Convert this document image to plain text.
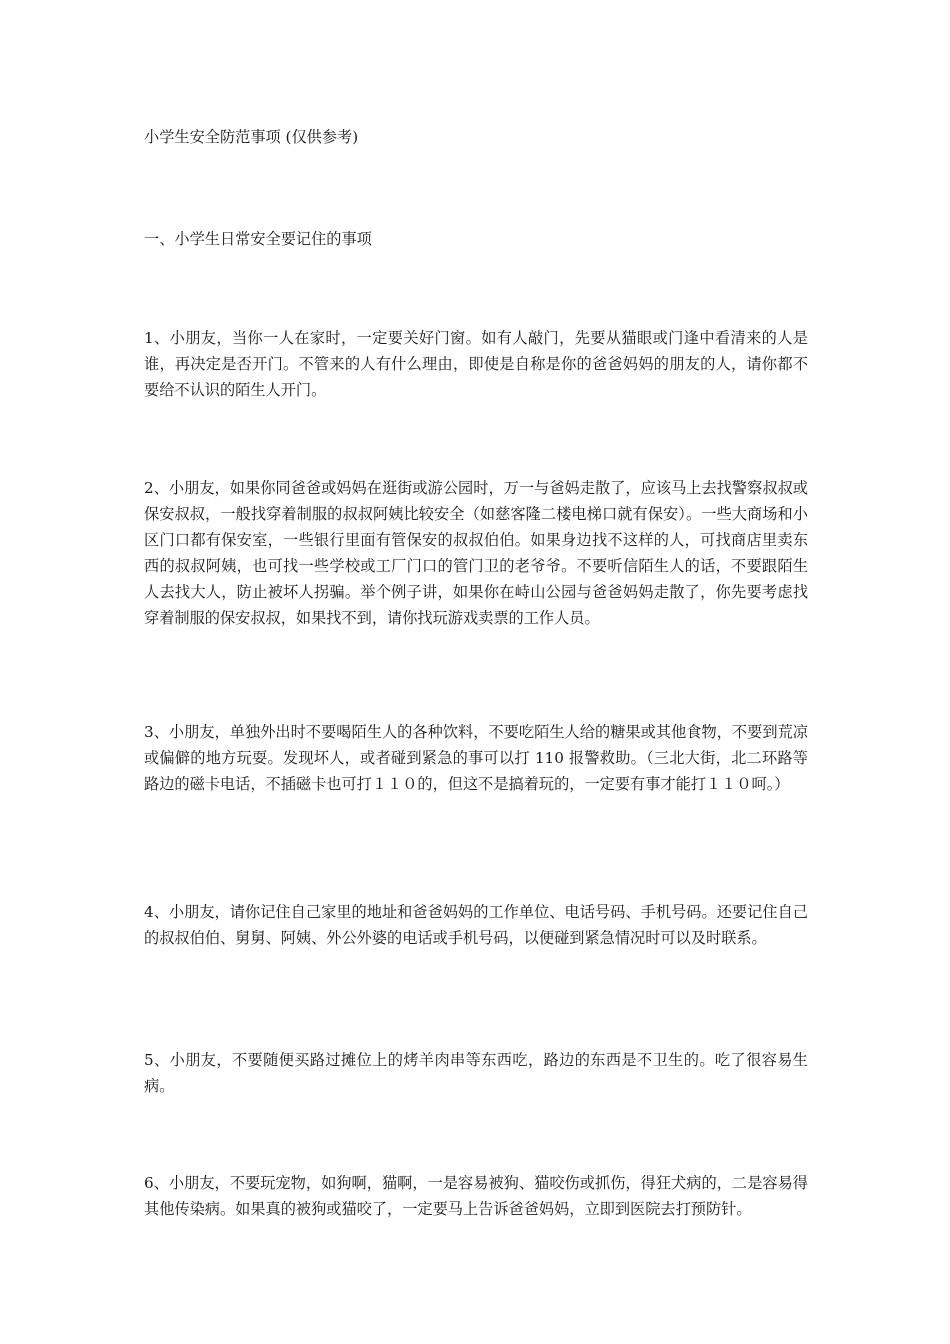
小学生安全防范事项 (仅供参考)

一、小学生日常安全要记住的事项

1、小朋友，当你一人在家时，一定要关好门窗。如有人敲门，先要从猫眼或门逢中看清来的人是谁，再决定是否开门。不管来的人有什么理由，即使是自称是你的爸爸妈妈的朋友的人，请你都不要给不认识的陌生人开门。

2、小朋友，如果你同爸爸或妈妈在逛街或游公园时，万一与爸妈走散了，应该马上去找警察叔叔或保安叔叔，一般找穿着制服的叔叔阿姨比较安全（如慈客隆二楼电梯口就有保安）。一些大商场和小区门口都有保安室，一些银行里面有管保安的叔叔伯伯。如果身边找不这样的人，可找商店里卖东西的叔叔阿姨，也可找一些学校或工厂门口的管门卫的老爷爷。不要听信陌生人的话，不要跟陌生人去找大人，防止被坏人拐骗。举个例子讲，如果你在峙山公园与爸爸妈妈走散了，你先要考虑找穿着制服的保安叔叔，如果找不到，请你找玩游戏卖票的工作人员。

3、小朋友，单独外出时不要喝陌生人的各种饮料，不要吃陌生人给的糖果或其他食物，不要到荒凉或偏僻的地方玩耍。发现坏人，或者碰到紧急的事可以打 110 报警救助。（三北大街，北二环路等路边的磁卡电话，不插磁卡也可打１１０的，但这不是搞着玩的，一定要有事才能打１１０呵。）

4、小朋友，请你记住自己家里的地址和爸爸妈妈的工作单位、电话号码、手机号码。还要记住自己的叔叔伯伯、舅舅、阿姨、外公外婆的电话或手机号码，以便碰到紧急情况时可以及时联系。

5、小朋友，不要随便买路过摊位上的烤羊肉串等东西吃，路边的东西是不卫生的。吃了很容易生病。

6、小朋友，不要玩宠物，如狗啊，猫啊，一是容易被狗、猫咬伤或抓伤，得狂犬病的，二是容易得其他传染病。如果真的被狗或猫咬了，一定要马上告诉爸爸妈妈，立即到医院去打预防针。
